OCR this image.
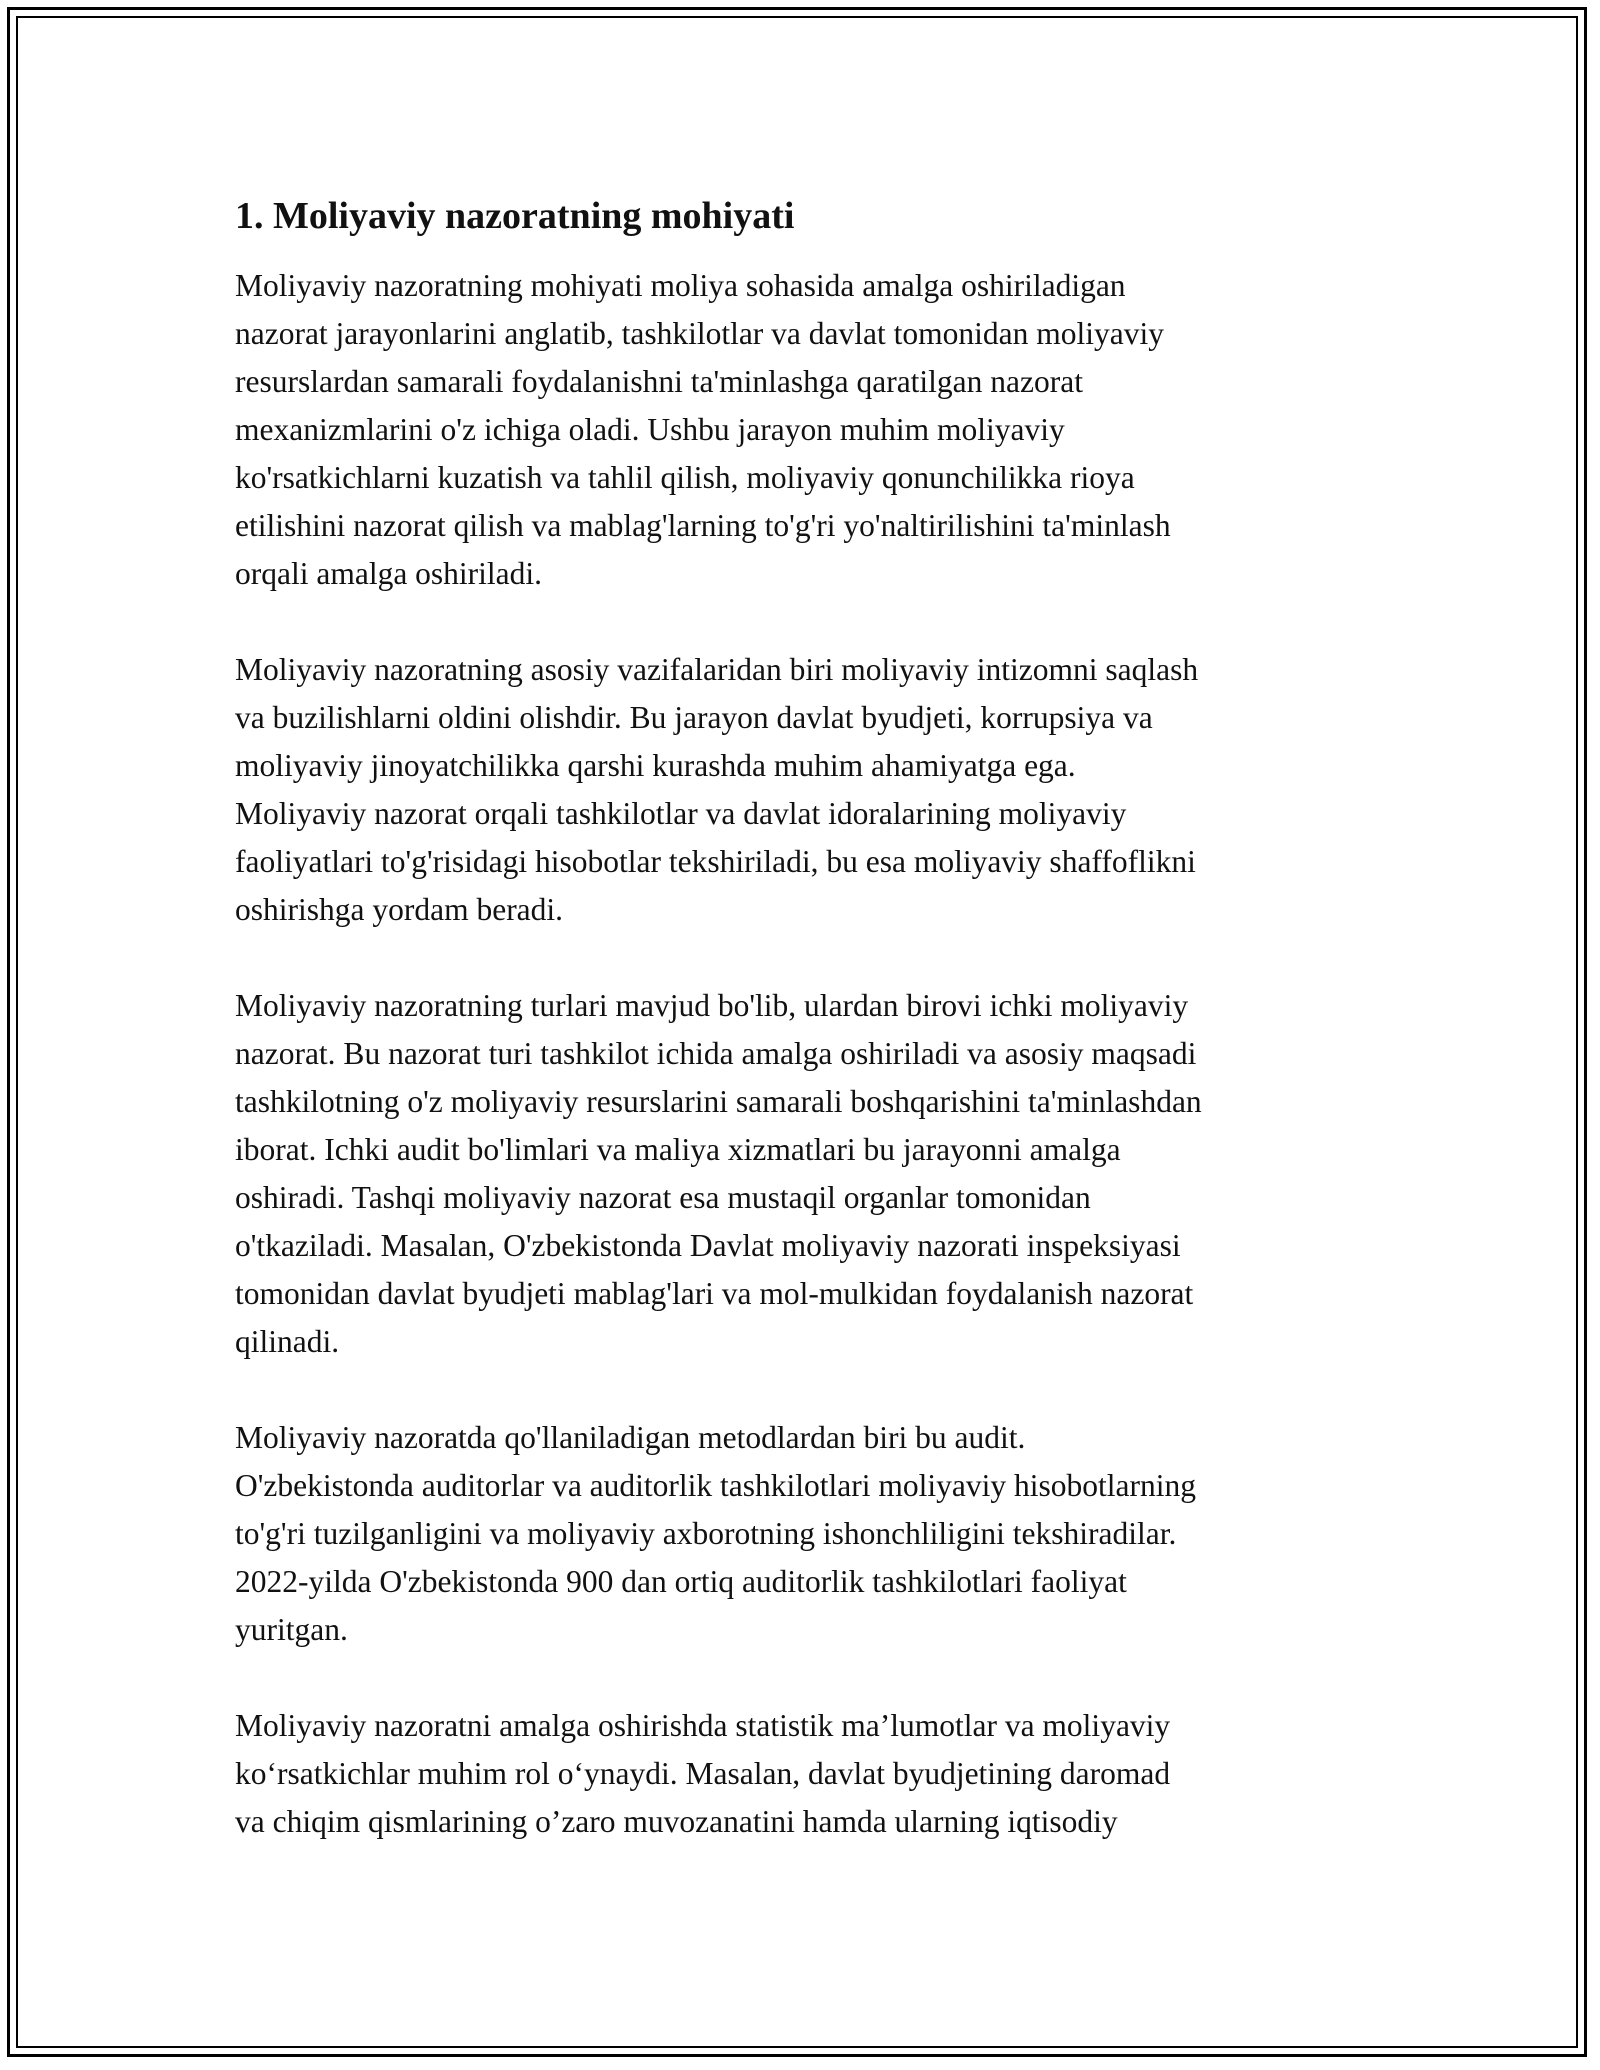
1. Moliyaviy nazoratning mohiyati
Moliyaviy nazoratning mohiyati moliya sohasida amalga oshiriladigan
nazorat jarayonlarini anglatib, tashkilotlar va davlat tomonidan moliyaviy
resurslardan samarali foydalanishni ta'minlashga qaratilgan nazorat
mexanizmlarini o'z ichiga oladi. Ushbu jarayon muhim moliyaviy
ko'rsatkichlarni kuzatish va tahlil qilish, moliyaviy qonunchilikka rioya
etilishini nazorat qilish va mablag'larning to'g'ri yo'naltirilishini ta'minlash
orqali amalga oshiriladi.
Moliyaviy nazoratning asosiy vazifalaridan biri moliyaviy intizomni saqlash
va buzilishlarni oldini olishdir. Bu jarayon davlat byudjeti, korrupsiya va
moliyaviy jinoyatchilikka qarshi kurashda muhim ahamiyatga ega.
Moliyaviy nazorat orqali tashkilotlar va davlat idoralarining moliyaviy
faoliyatlari to'g'risidagi hisobotlar tekshiriladi, bu esa moliyaviy shaffoflikni
oshirishga yordam beradi.
Moliyaviy nazoratning turlari mavjud bo'lib, ulardan birovi ichki moliyaviy
nazorat. Bu nazorat turi tashkilot ichida amalga oshiriladi va asosiy maqsadi
tashkilotning o'z moliyaviy resurslarini samarali boshqarishini ta'minlashdan
iborat. Ichki audit bo'limlari va maliya xizmatlari bu jarayonni amalga
oshiradi. Tashqi moliyaviy nazorat esa mustaqil organlar tomonidan
o'tkaziladi. Masalan, O'zbekistonda Davlat moliyaviy nazorati inspeksiyasi
tomonidan davlat byudjeti mablag'lari va mol-mulkidan foydalanish nazorat
qilinadi.
Moliyaviy nazoratda qo'llaniladigan metodlardan biri bu audit.
O'zbekistonda auditorlar va auditorlik tashkilotlari moliyaviy hisobotlarning
to'g'ri tuzilganligini va moliyaviy axborotning ishonchliligini tekshiradilar.
2022-yilda O'zbekistonda 900 dan ortiq auditorlik tashkilotlari faoliyat
yuritgan.
Moliyaviy nazoratni amalga oshirishda statistik ma’lumotlar va moliyaviy
ko‘rsatkichlar muhim rol o‘ynaydi. Masalan, davlat byudjetining daromad
va chiqim qismlarining o’zaro muvozanatini hamda ularning iqtisodiy
